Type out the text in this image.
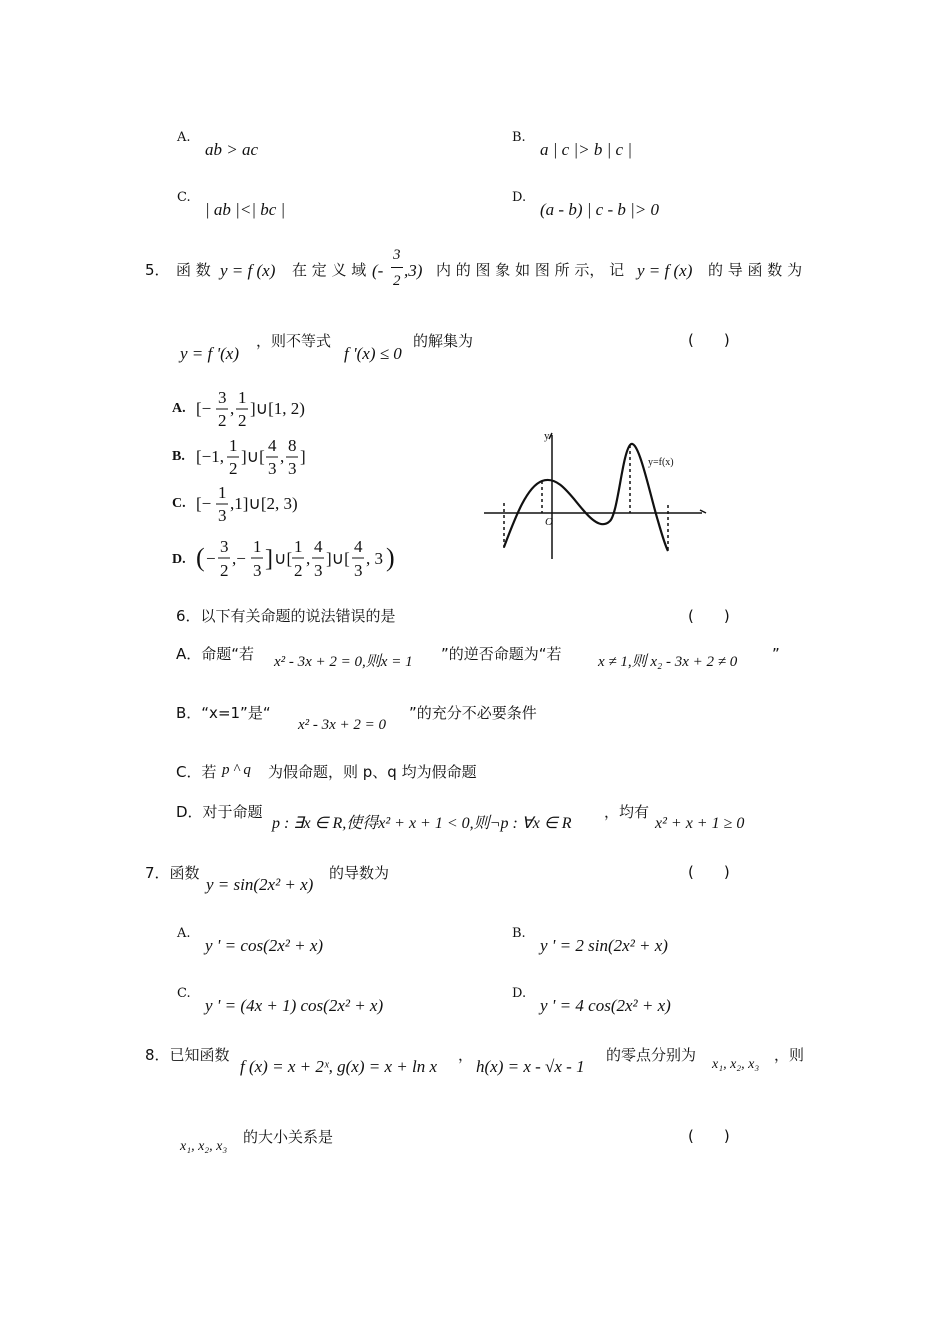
A.
ab > ac
B.
a | c |> b | c |
C.
| ab |<| bc |
D.
(a - b) | c - b |> 0
5． 函 数 y = f (x) 在 定 义 域 (-
3
2
,3) 内 的 图 象 如 图 所 示， 记 y = f (x) 的 导 函 数 为
y = f '(x)
，则不等式
f '(x) ≤ 0
的解集为	(　　)
A. [−
3
2
,
1
2
]∪[1, 2)
B. [−1,
1
2
]∪[
4
3
,
8
3
]
C. [−
1
3
,1]∪[2, 3)
D. ( −
3
2
,−
1
3 ] ∪[
1
2
,
4
3
]∪[
4
3
, 3 )
y
y=f(x)
O
6．以下有关命题的说法错误的是	(　　)
A．命题“若 x² - 3x + 2 = 0,则x = 1 ”的逆否命题为“若 x ≠ 1,则 x₂ - 3x + 2 ≠ 0 ”
B．“x=1”是“
x² - 3x + 2 = 0
”的充分不必要条件
C．若 p ^ q 为假命题，则 p、q 均为假命题
D．对于命题
p : ∃x ∈ R,使得x² + x + 1 < 0,则¬p : ∀x ∈ R
，均有
x² + x + 1 ≥ 0
7．函数
y = sin(2x² + x)
的导数为	(　　)
A.
y ' = cos(2x² + x)
B.
y ' = 2 sin(2x² + x)
C.
y ' = (4x + 1) cos(2x² + x)
D.
y ' = 4 cos(2x² + x)
8．已知函数
f (x) = x + 2ˣ, g(x) = x + ln x
，
h(x) = x - √x - 1
的零点分别为
x₁, x₂, x₃
，则
x₁, x₂, x₃
的大小关系是	(　　)
